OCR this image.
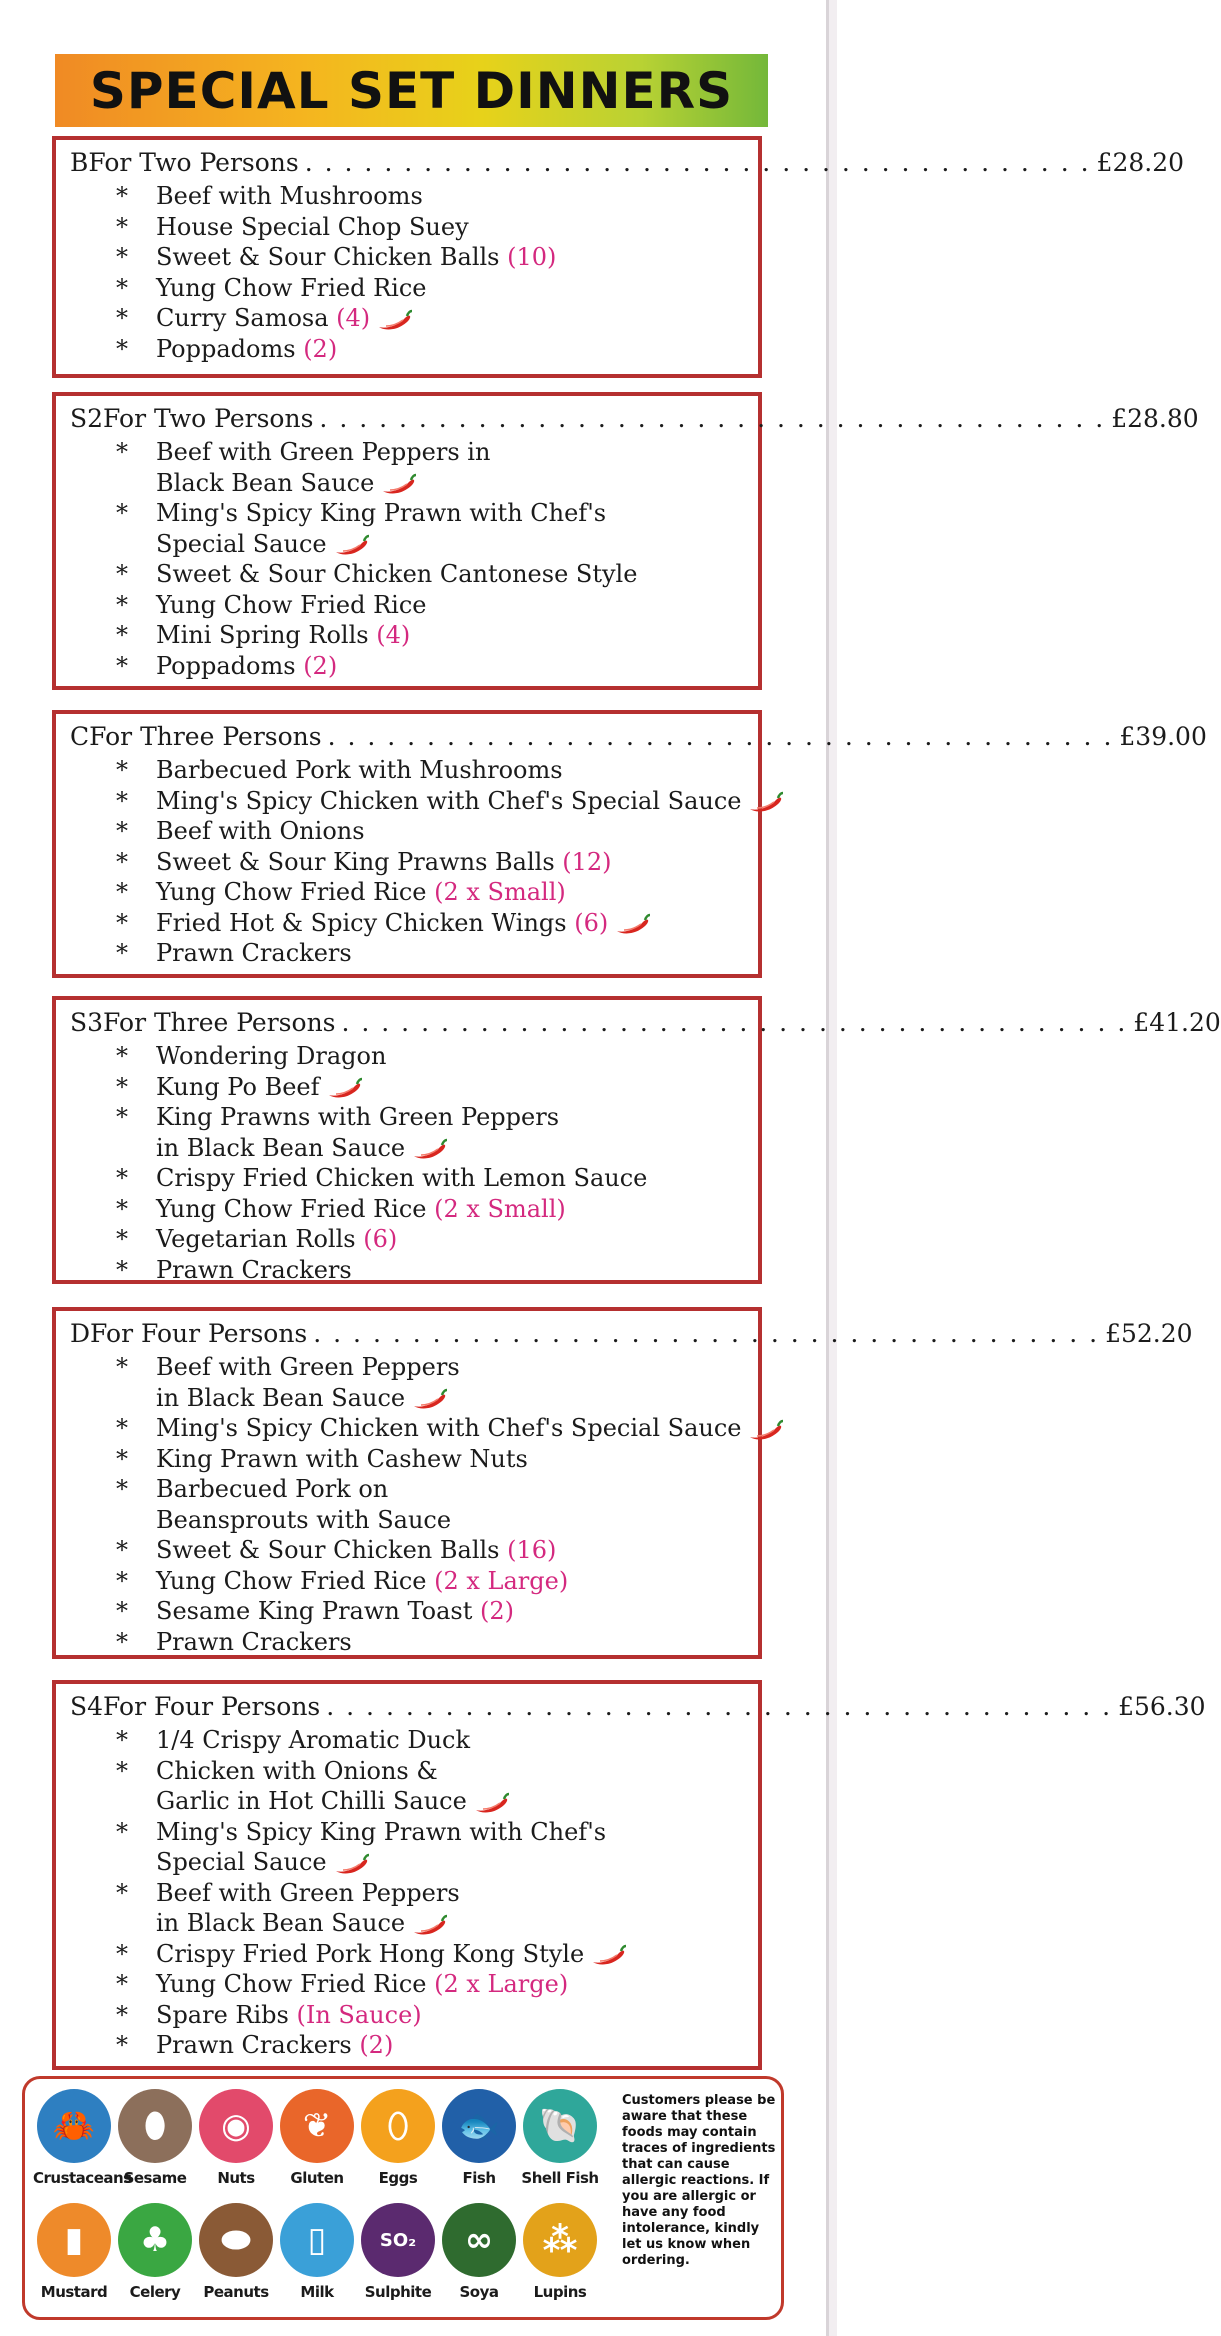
SPECIAL SET DINNERS
B For Two Persons . . . . . . . . . . . . . . . . . . . . . . . . . . . . . . . . . . . . . . . . £28.20
* Beef with Mushrooms
* House Special Chop Suey
* Sweet & Sour Chicken Balls (10)
* Yung Chow Fried Rice
* Curry Samosa (4)
* Poppadoms (2)
S2 For Two Persons . . . . . . . . . . . . . . . . . . . . . . . . . . . . . . . . . . . . . . . . £28.80
* Beef with Green Peppers in
Black Bean Sauce
* Ming's Spicy King Prawn with Chef's
Special Sauce
* Sweet & Sour Chicken Cantonese Style
* Yung Chow Fried Rice
* Mini Spring Rolls (4)
* Poppadoms (2)
C For Three Persons . . . . . . . . . . . . . . . . . . . . . . . . . . . . . . . . . . . . . . . . £39.00
* Barbecued Pork with Mushrooms
* Ming's Spicy Chicken with Chef's Special Sauce
* Beef with Onions
* Sweet & Sour King Prawns Balls (12)
* Yung Chow Fried Rice (2 x Small)
* Fried Hot & Spicy Chicken Wings (6)
* Prawn Crackers
S3 For Three Persons . . . . . . . . . . . . . . . . . . . . . . . . . . . . . . . . . . . . . . . . £41.20
* Wondering Dragon
* Kung Po Beef
* King Prawns with Green Peppers
in Black Bean Sauce
* Crispy Fried Chicken with Lemon Sauce
* Yung Chow Fried Rice (2 x Small)
* Vegetarian Rolls (6)
* Prawn Crackers
D For Four Persons . . . . . . . . . . . . . . . . . . . . . . . . . . . . . . . . . . . . . . . . £52.20
* Beef with Green Peppers
in Black Bean Sauce
* Ming's Spicy Chicken with Chef's Special Sauce
* King Prawn with Cashew Nuts
* Barbecued Pork on
Beansprouts with Sauce
* Sweet & Sour Chicken Balls (16)
* Yung Chow Fried Rice (2 x Large)
* Sesame King Prawn Toast (2)
* Prawn Crackers
S4 For Four Persons . . . . . . . . . . . . . . . . . . . . . . . . . . . . . . . . . . . . . . . . £56.30
* 1/4 Crispy Aromatic Duck
* Chicken with Onions &
Garlic in Hot Chilli Sauce
* Ming's Spicy King Prawn with Chef's
Special Sauce
* Beef with Green Peppers
in Black Bean Sauce
* Crispy Fried Pork Hong Kong Style
* Yung Chow Fried Rice (2 x Large)
* Spare Ribs (In Sauce)
* Prawn Crackers (2)
🦀
Crustaceans
⬮
Sesame
◉
Nuts
❦
Gluten
⬯
Eggs
🐟
Fish
🐚
Shell Fish
▮
Mustard
♣
Celery
⬬
Peanuts
▯
Milk
SO₂
Sulphite
∞
Soya
⁂
Lupins
Customers please be aware that these foods may contain traces of ingredients that can cause allergic reactions. If you are allergic or have any food intolerance, kindly let us know when ordering.
